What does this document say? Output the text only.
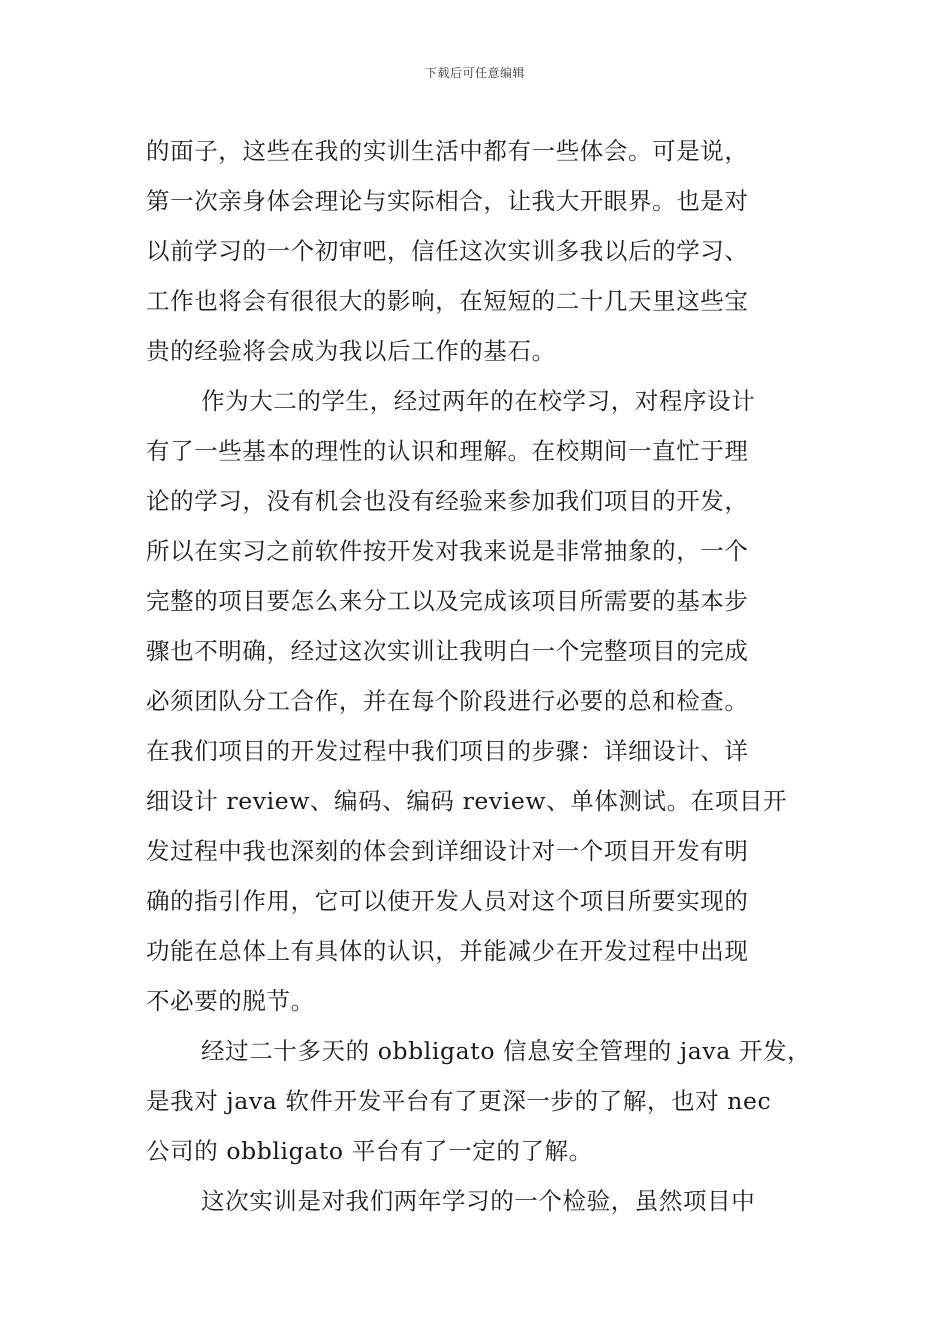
下载后可任意编辑
的面子，这些在我的实训生活中都有一些体会。可是说，
第一次亲身体会理论与实际相合，让我大开眼界。也是对
以前学习的一个初审吧，信任这次实训多我以后的学习、
工作也将会有很很大的影响，在短短的二十几天里这些宝
贵的经验将会成为我以后工作的基石。
作为大二的学生，经过两年的在校学习，对程序设计
有了一些基本的理性的认识和理解。在校期间一直忙于理
论的学习，没有机会也没有经验来参加我们项目的开发，
所以在实习之前软件按开发对我来说是非常抽象的，一个
完整的项目要怎么来分工以及完成该项目所需要的基本步
骤也不明确，经过这次实训让我明白一个完整项目的完成
必须团队分工合作，并在每个阶段进行必要的总和检查。
在我们项目的开发过程中我们项目的步骤：详细设计、详
细设计 review、编码、编码 review、单体测试。在项目开
发过程中我也深刻的体会到详细设计对一个项目开发有明
确的指引作用，它可以使开发人员对这个项目所要实现的
功能在总体上有具体的认识，并能减少在开发过程中出现
不必要的脱节。
经过二十多天的 obbligato 信息安全管理的 java 开发，
是我对 java 软件开发平台有了更深一步的了解，也对 nec
公司的 obbligato 平台有了一定的了解。
这次实训是对我们两年学习的一个检验，虽然项目中
